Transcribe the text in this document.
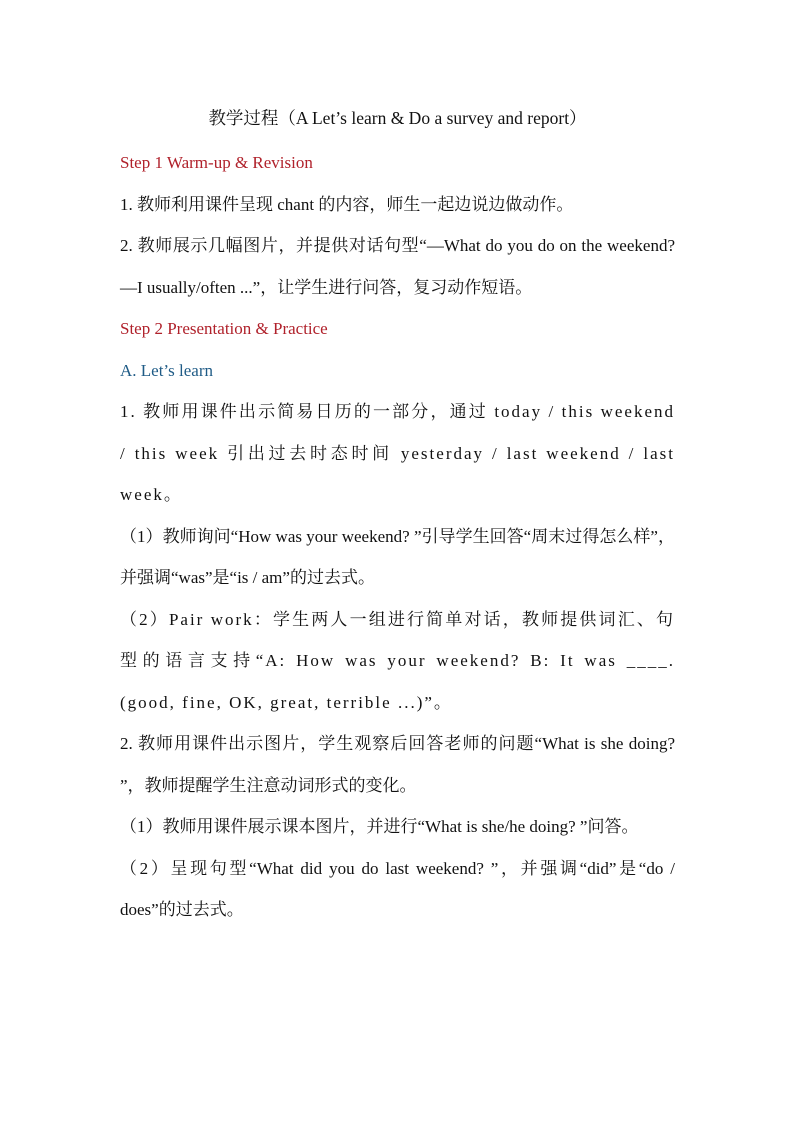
教学过程（A Let’s learn & Do a survey and report）

Step 1 Warm-up & Revision

1. 教师利用课件呈现 chant 的内容，师生一起边说边做动作。

2. 教师展示几幅图片，并提供对话句型“—What do you do on the weekend? —I usually/often ...”，让学生进行问答，复习动作短语。

Step 2 Presentation & Practice

A. Let’s learn

1. 教师用课件出示简易日历的一部分，通过 today / this weekend / this week 引出过去时态时间 yesterday / last weekend / last week。

（1）教师询问“How was your weekend? ”引导学生回答“周末过得怎么样”，并强调“was”是“is / am”的过去式。

（2）Pair work：学生两人一组进行简单对话，教师提供词汇、句型的语言支持“A: How was your weekend? B: It was ____.(good, fine, OK, great, terrible ...)”。

2. 教师用课件出示图片，学生观察后回答老师的问题“What is she doing? ”，教师提醒学生注意动词形式的变化。

（1）教师用课件展示课本图片，并进行“What is she/he doing? ”问答。

（2）呈现句型“What did you do last weekend? ”，并强调“did”是“do / does”的过去式。
